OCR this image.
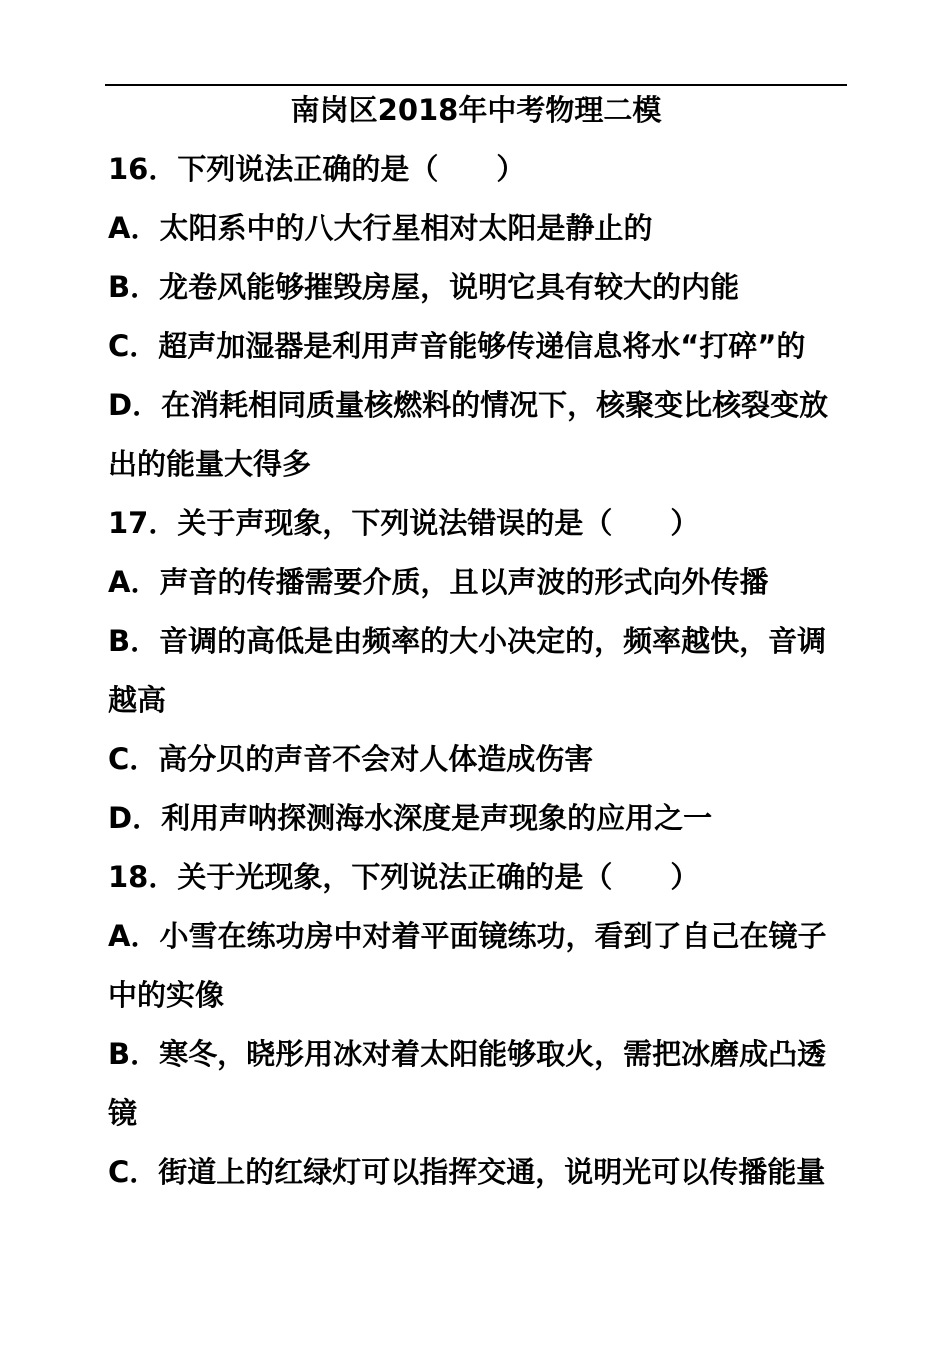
南岗区2018年中考物理二模
16．下列说法正确的是（　　）
A．太阳系中的八大行星相对太阳是静止的
B．龙卷风能够摧毁房屋，说明它具有较大的内能
C．超声加湿器是利用声音能够传递信息将水“打碎”的
D．在消耗相同质量核燃料的情况下，核聚变比核裂变放
出的能量大得多
17．关于声现象，下列说法错误的是（　　）
A．声音的传播需要介质，且以声波的形式向外传播
B．音调的高低是由频率的大小决定的，频率越快，音调
越高
C．高分贝的声音不会对人体造成伤害
D．利用声呐探测海水深度是声现象的应用之一
18．关于光现象，下列说法正确的是（　　）
A．小雪在练功房中对着平面镜练功，看到了自己在镜子
中的实像
B．寒冬，晓彤用冰对着太阳能够取火，需把冰磨成凸透
镜
C．街道上的红绿灯可以指挥交通，说明光可以传播能量
